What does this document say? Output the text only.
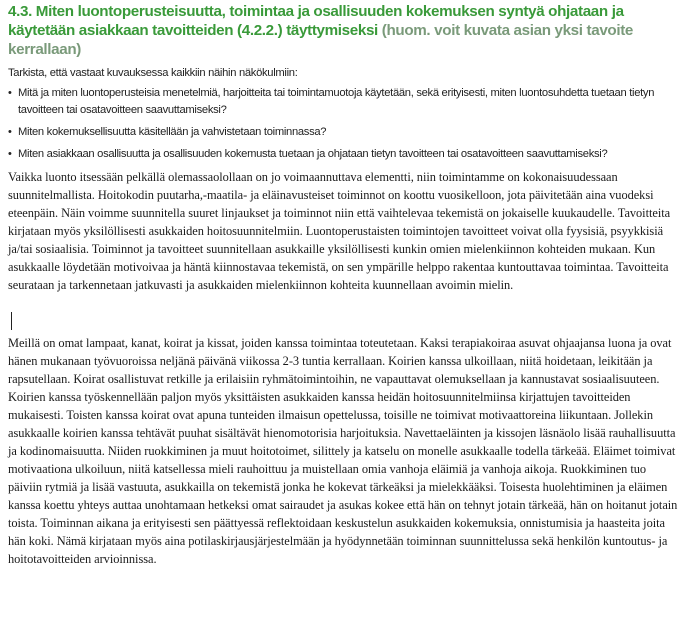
4.3. Miten luontoperusteisuutta, toimintaa ja osallisuuden kokemuksen syntyä ohjataan ja käytetään asiakkaan tavoitteiden (4.2.2.) täyttymiseksi (huom. voit kuvata asian yksi tavoite kerrallaan)

Tarkista, että vastaat kuvauksessa kaikkiin näihin näkökulmiin:

• Mitä ja miten luontoperusteisia menetelmiä, harjoitteita tai toimintamuotoja käytetään, sekä erityisesti, miten luontosuhdetta tuetaan tietyn tavoitteen tai osatavoitteen saavuttamiseksi?
• Miten kokemuksellisuutta käsitellään ja vahvistetaan toiminnassa?
• Miten asiakkaan osallisuutta ja osallisuuden kokemusta tuetaan ja ohjataan tietyn tavoitteen tai osatavoitteen saavuttamiseksi?

Vaikka luonto itsessään pelkällä olemassaolollaan on jo voimaannuttava elementti, niin toimintamme on kokonaisuudessaan suunnitelmallista. Hoitokodin puutarha,-maatila- ja eläinavusteiset toiminnot on koottu vuosikelloon, jota päivitetään aina vuodeksi eteenpäin. Näin voimme suunnitella suuret linjaukset ja toiminnot niin että vaihtelevaa tekemistä on jokaiselle kuukaudelle. Tavoitteita kirjataan myös yksilöllisesti asukkaiden hoitosuunnitelmiin. Luontoperustaisten toimintojen tavoitteet voivat olla fyysisiä, psyykkisiä ja/tai sosiaalisia. Toiminnot ja tavoitteet suunnitellaan asukkaille yksilöllisesti kunkin omien mielenkiinnon kohteiden mukaan. Kun asukkaalle löydetään motivoivaa ja häntä kiinnostavaa tekemistä, on sen ympärille helppo rakentaa kuntouttavaa toimintaa. Tavoitteita seurataan ja tarkennetaan jatkuvasti ja asukkaiden mielenkiinnon kohteita kuunnellaan avoimin mielin.

Meillä on omat lampaat, kanat, koirat ja kissat, joiden kanssa toimintaa toteutetaan. Kaksi terapiakoiraa asuvat ohjaajansa luona ja ovat hänen mukanaan työvuoroissa neljänä päivänä viikossa 2-3 tuntia kerrallaan. Koirien kanssa ulkoillaan, niitä hoidetaan, leikitään ja rapsutellaan. Koirat osallistuvat retkille ja erilaisiin ryhmätoimintoihin, ne vapauttavat olemuksellaan ja kannustavat sosiaalisuuteen. Koirien kanssa työskennellään paljon myös yksittäisten asukkaiden kanssa heidän hoitosuunnitelmiinsa kirjattujen tavoitteiden mukaisesti. Toisten kanssa koirat ovat apuna tunteiden ilmaisun opettelussa, toisille ne toimivat motivaattoreina liikuntaan. Jollekin asukkaalle koirien kanssa tehtävät puuhat sisältävät hienomotorisia harjoituksia. Navettaeläinten ja kissojen läsnäolo lisää rauhallisuutta ja kodinomaisuutta. Niiden ruokkiminen ja muut hoitotoimet, silittely ja katselu on monelle asukkaalle todella tärkeää. Eläimet toimivat motivaationa ulkoiluun, niitä katsellessa mieli rauhoittuu ja muistellaan omia vanhoja eläimiä ja vanhoja aikoja. Ruokkiminen tuo päiviin rytmiä ja lisää vastuuta, asukkailla on tekemistä jonka he kokevat tärkeäksi ja mielekkääksi. Toisesta huolehtiminen ja eläimen kanssa koettu yhteys auttaa unohtamaan hetkeksi omat sairaudet ja asukas kokee että hän on tehnyt jotain tärkeää, hän on hoitanut jotain toista. Toiminnan aikana ja erityisesti sen päättyessä reflektoidaan keskustelun asukkaiden kokemuksia, onnistumisia ja haasteita joita hän koki. Nämä kirjataan myös aina potilaskirjausjärjestelmään ja hyödynnetään toiminnan suunnittelussa sekä henkilön kuntoutus- ja hoitotavoitteiden arvioinnissa.
